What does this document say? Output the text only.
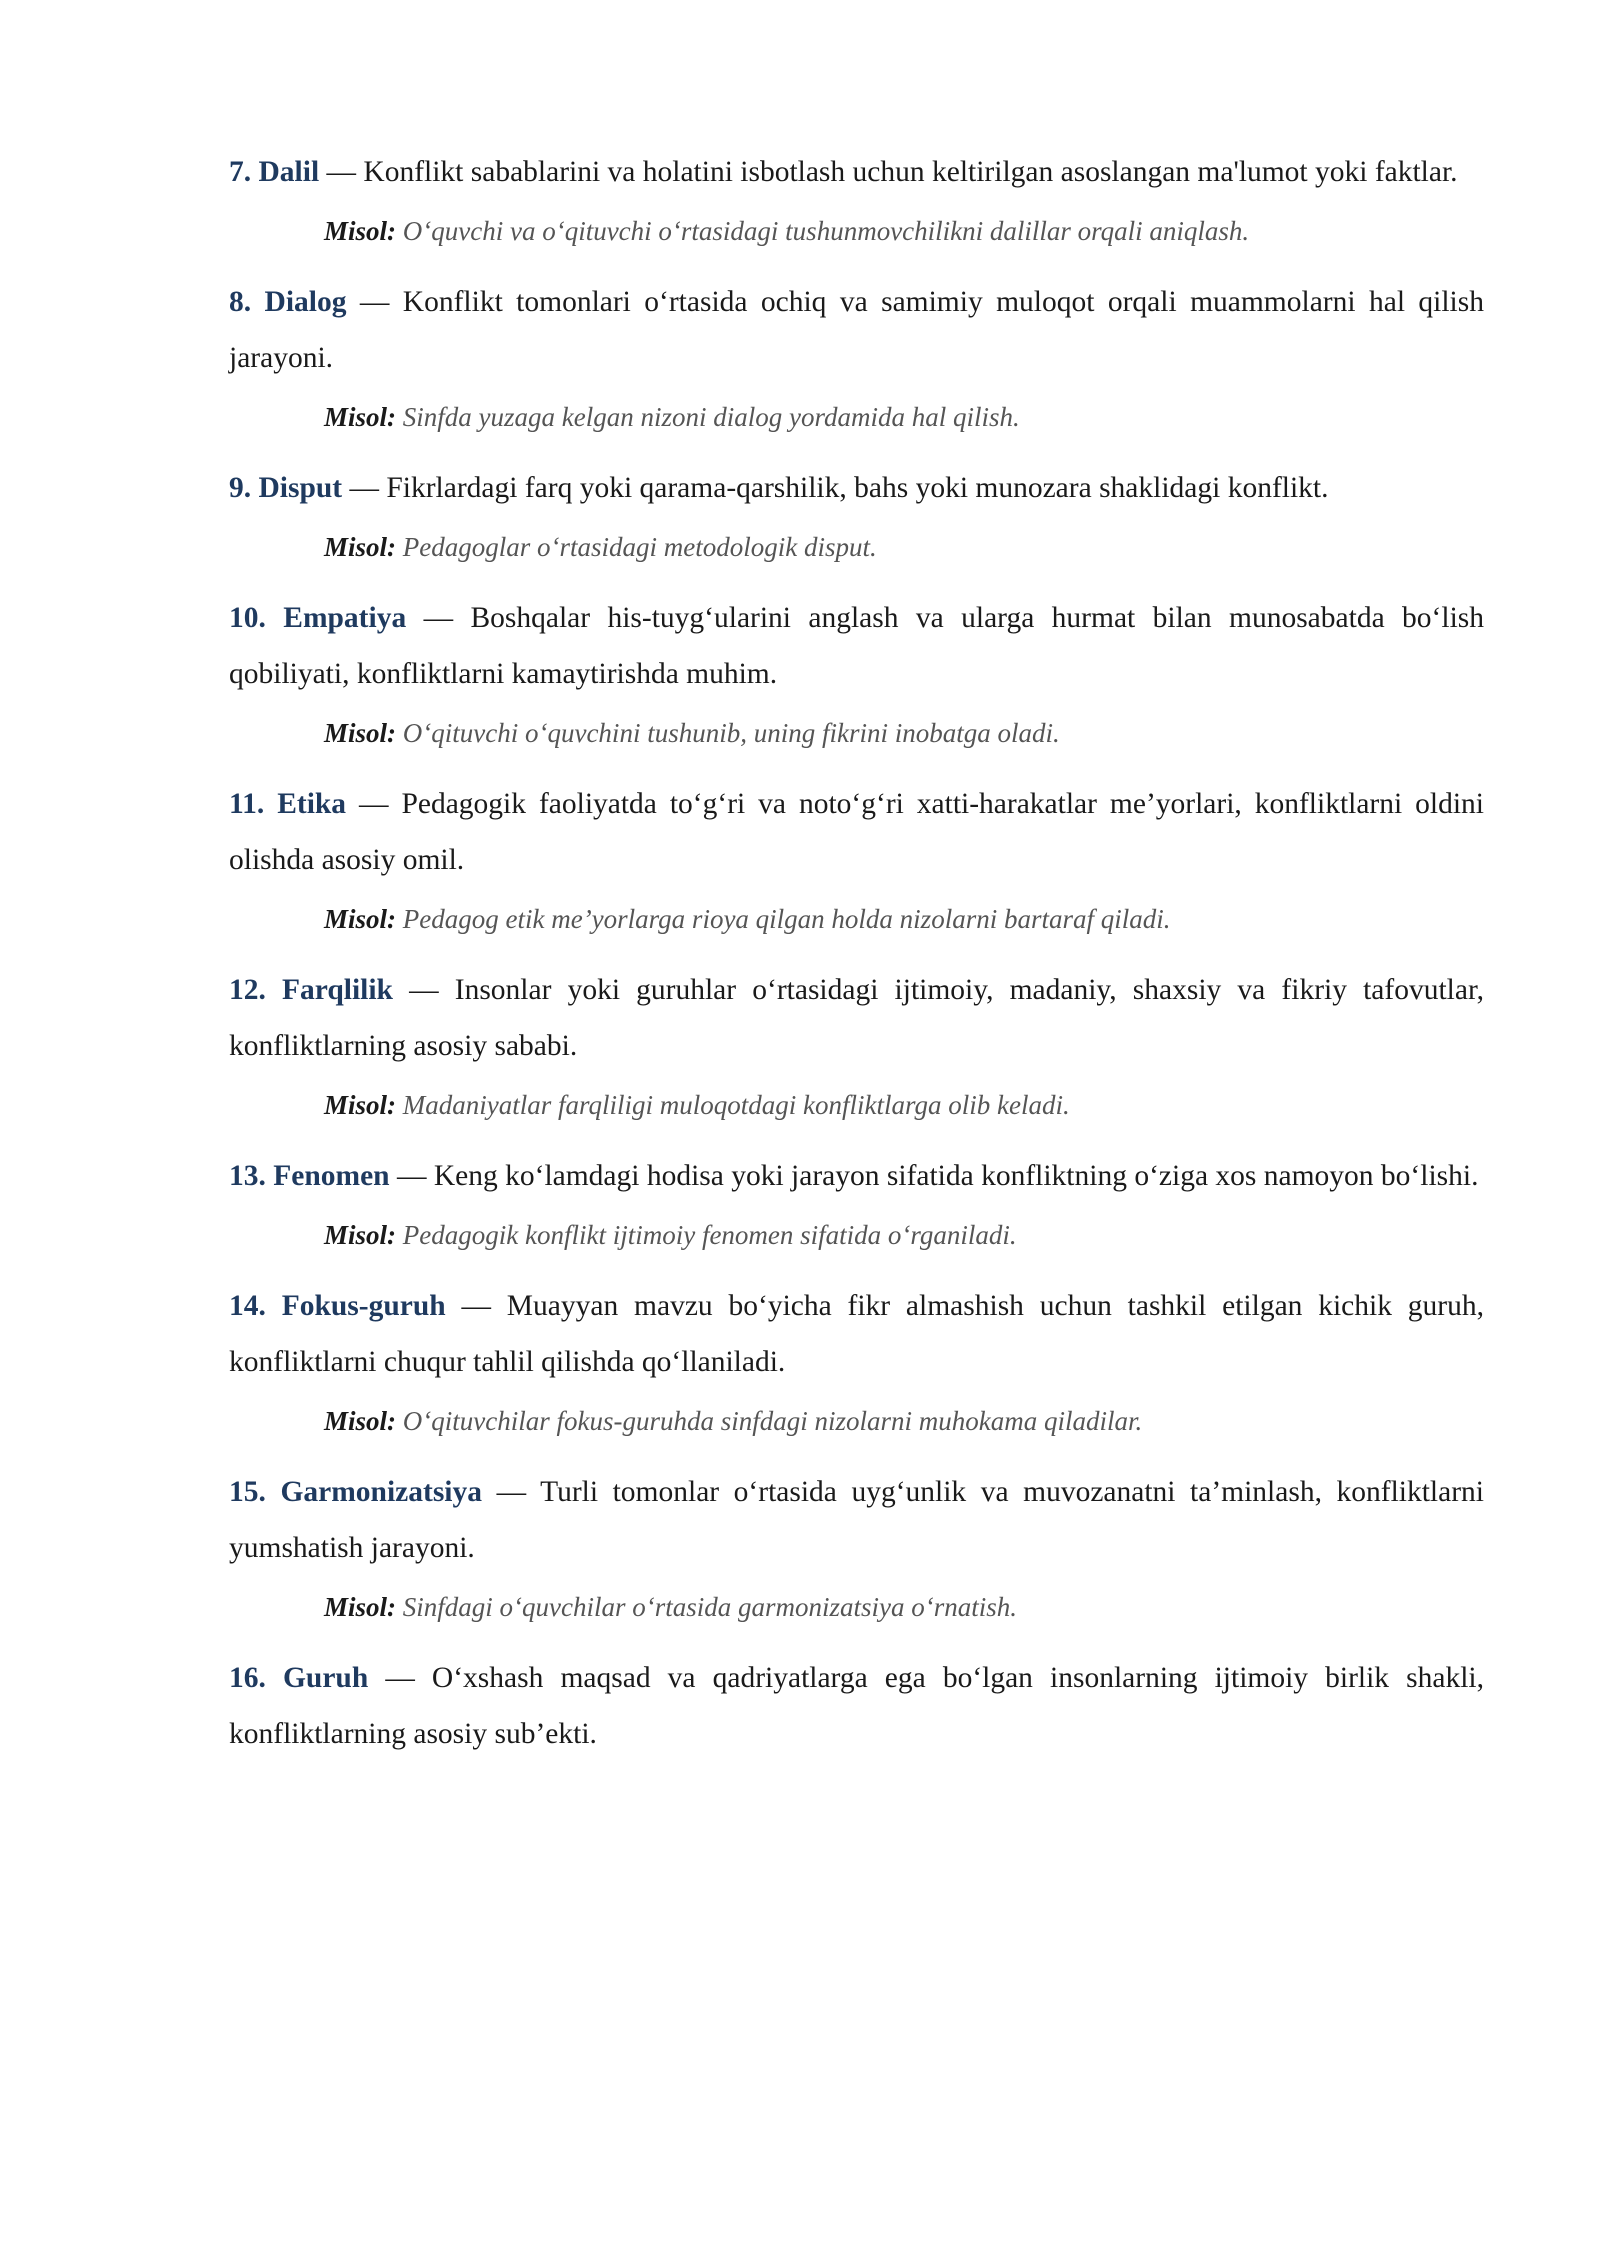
7. Dalil — Konflikt sabablarini va holatini isbotlash uchun keltirilgan asoslangan ma'lumot yoki faktlar.

Misol: O‘quvchi va o‘qituvchi o‘rtasidagi tushunmovchilikni dalillar orqali aniqlash.

8. Dialog — Konflikt tomonlari o‘rtasida ochiq va samimiy muloqot orqali muammolarni hal qilish jarayoni.

Misol: Sinfda yuzaga kelgan nizoni dialog yordamida hal qilish.

9. Disput — Fikrlardagi farq yoki qarama-qarshilik, bahs yoki munozara shaklidagi konflikt.

Misol: Pedagoglar o‘rtasidagi metodologik disput.

10. Empatiya — Boshqalar his-tuyg‘ularini anglash va ularga hurmat bilan munosabatda bo‘lish qobiliyati, konfliktlarni kamaytirishda muhim.

Misol: O‘qituvchi o‘quvchini tushunib, uning fikrini inobatga oladi.

11. Etika — Pedagogik faoliyatda to‘g‘ri va noto‘g‘ri xatti-harakatlar me’yorlari, konfliktlarni oldini olishda asosiy omil.

Misol: Pedagog etik me’yorlarga rioya qilgan holda nizolarni bartaraf qiladi.

12. Farqlilik — Insonlar yoki guruhlar o‘rtasidagi ijtimoiy, madaniy, shaxsiy va fikriy tafovutlar, konfliktlarning asosiy sababi.

Misol: Madaniyatlar farqliligi muloqotdagi konfliktlarga olib keladi.

13. Fenomen — Keng ko‘lamdagi hodisa yoki jarayon sifatida konfliktning o‘ziga xos namoyon bo‘lishi.

Misol: Pedagogik konflikt ijtimoiy fenomen sifatida o‘rganiladi.

14. Fokus-guruh — Muayyan mavzu bo‘yicha fikr almashish uchun tashkil etilgan kichik guruh, konfliktlarni chuqur tahlil qilishda qo‘llaniladi.

Misol: O‘qituvchilar fokus-guruhda sinfdagi nizolarni muhokama qiladilar.

15. Garmonizatsiya — Turli tomonlar o‘rtasida uyg‘unlik va muvozanatni ta’minlash, konfliktlarni yumshatish jarayoni.

Misol: Sinfdagi o‘quvchilar o‘rtasida garmonizatsiya o‘rnatish.

16. Guruh — O‘xshash maqsad va qadriyatlarga ega bo‘lgan insonlarning ijtimoiy birlik shakli, konfliktlarning asosiy sub’ekti.
